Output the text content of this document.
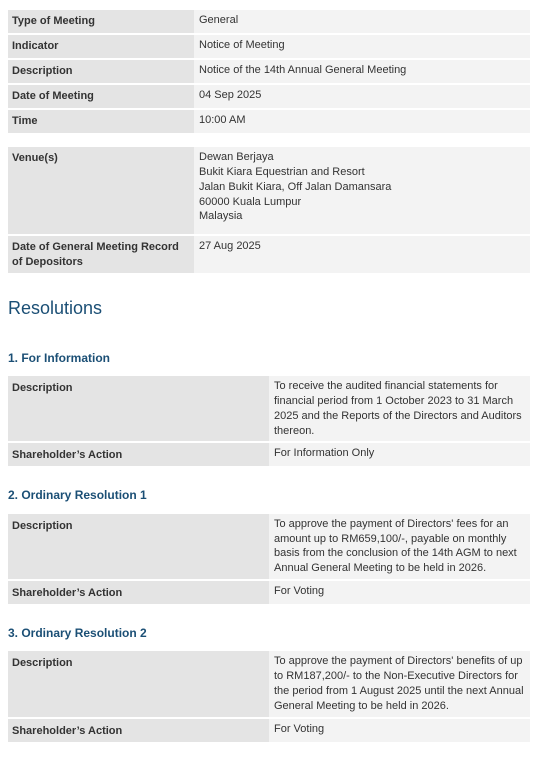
Type of Meeting	General
Indicator	Notice of Meeting
Description	Notice of the 14th Annual General Meeting
Date of Meeting	04 Sep 2025
Time	10:00 AM
Venue(s)	Dewan Berjaya
Bukit Kiara Equestrian and Resort
Jalan Bukit Kiara, Off Jalan Damansara
60000 Kuala Lumpur
Malaysia

Date of General Meeting Record of Depositors	27 Aug 2025
Resolutions
1. For Information
Description	To receive the audited financial statements for financial period from 1 October 2023 to 31 March 2025 and the Reports of the Directors and Auditors thereon.
Shareholder’s Action	For Information Only
2. Ordinary Resolution 1
Description	To approve the payment of Directors' fees for an amount up to RM659,100/-, payable on monthly basis from the conclusion of the 14th AGM to next Annual General Meeting to be held in 2026.
Shareholder’s Action	For Voting
3. Ordinary Resolution 2
Description	To approve the payment of Directors' benefits of up to RM187,200/- to the Non-Executive Directors for the period from 1 August 2025 until the next Annual General Meeting to be held in 2026.
Shareholder’s Action	For Voting
